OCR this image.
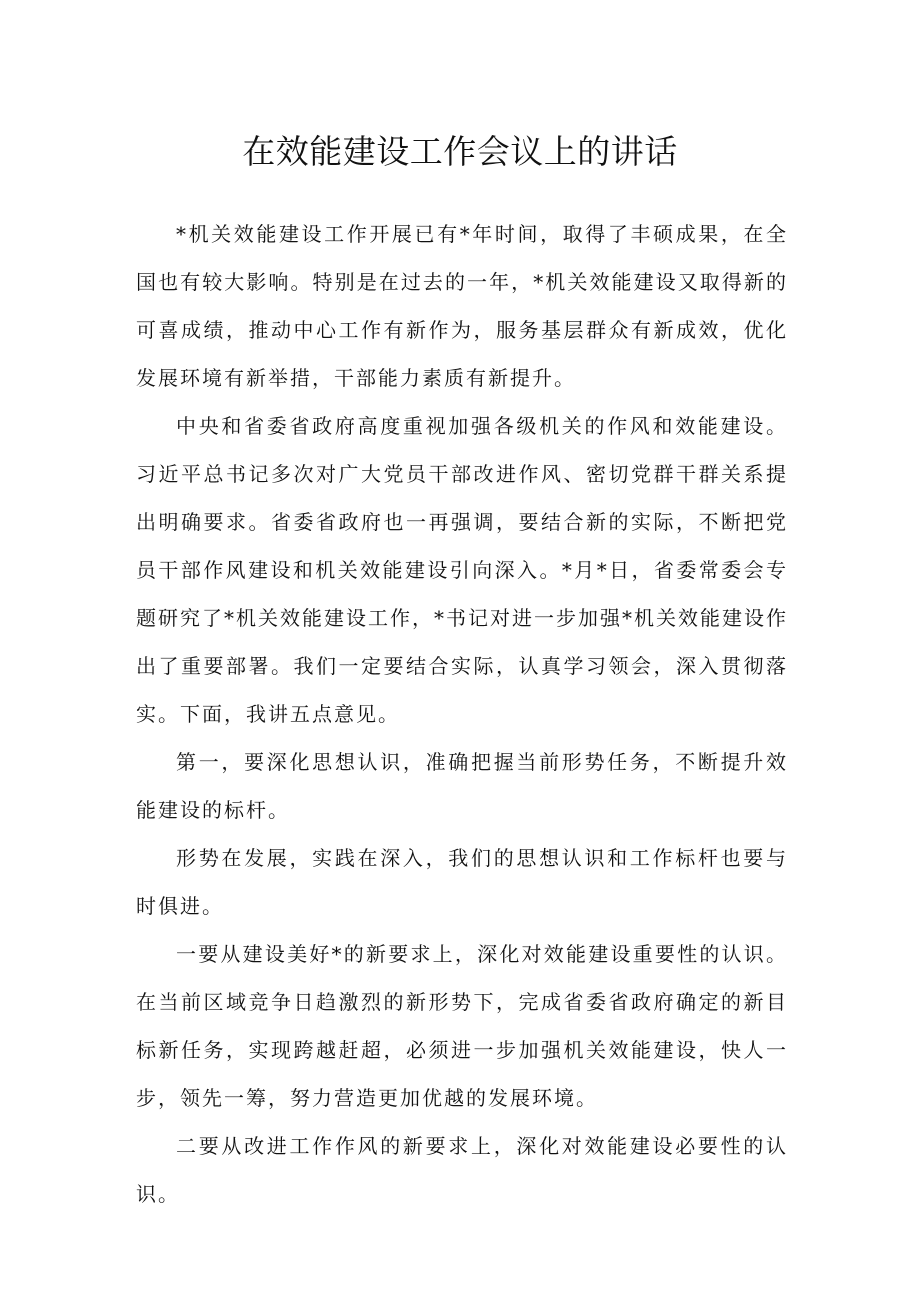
在效能建设工作会议上的讲话

*机关效能建设工作开展已有*年时间，取得了丰硕成果，在全国也有较大影响。特别是在过去的一年，*机关效能建设又取得新的可喜成绩，推动中心工作有新作为，服务基层群众有新成效，优化发展环境有新举措，干部能力素质有新提升。

中央和省委省政府高度重视加强各级机关的作风和效能建设。习近平总书记多次对广大党员干部改进作风、密切党群干群关系提出明确要求。省委省政府也一再强调，要结合新的实际，不断把党员干部作风建设和机关效能建设引向深入。*月*日，省委常委会专题研究了*机关效能建设工作，*书记对进一步加强*机关效能建设作出了重要部署。我们一定要结合实际，认真学习领会，深入贯彻落实。下面，我讲五点意见。

第一，要深化思想认识，准确把握当前形势任务，不断提升效能建设的标杆。

形势在发展，实践在深入，我们的思想认识和工作标杆也要与时俱进。

一要从建设美好*的新要求上，深化对效能建设重要性的认识。在当前区域竞争日趋激烈的新形势下，完成省委省政府确定的新目标新任务，实现跨越赶超，必须进一步加强机关效能建设，快人一步，领先一筹，努力营造更加优越的发展环境。

二要从改进工作作风的新要求上，深化对效能建设必要性的认识。
